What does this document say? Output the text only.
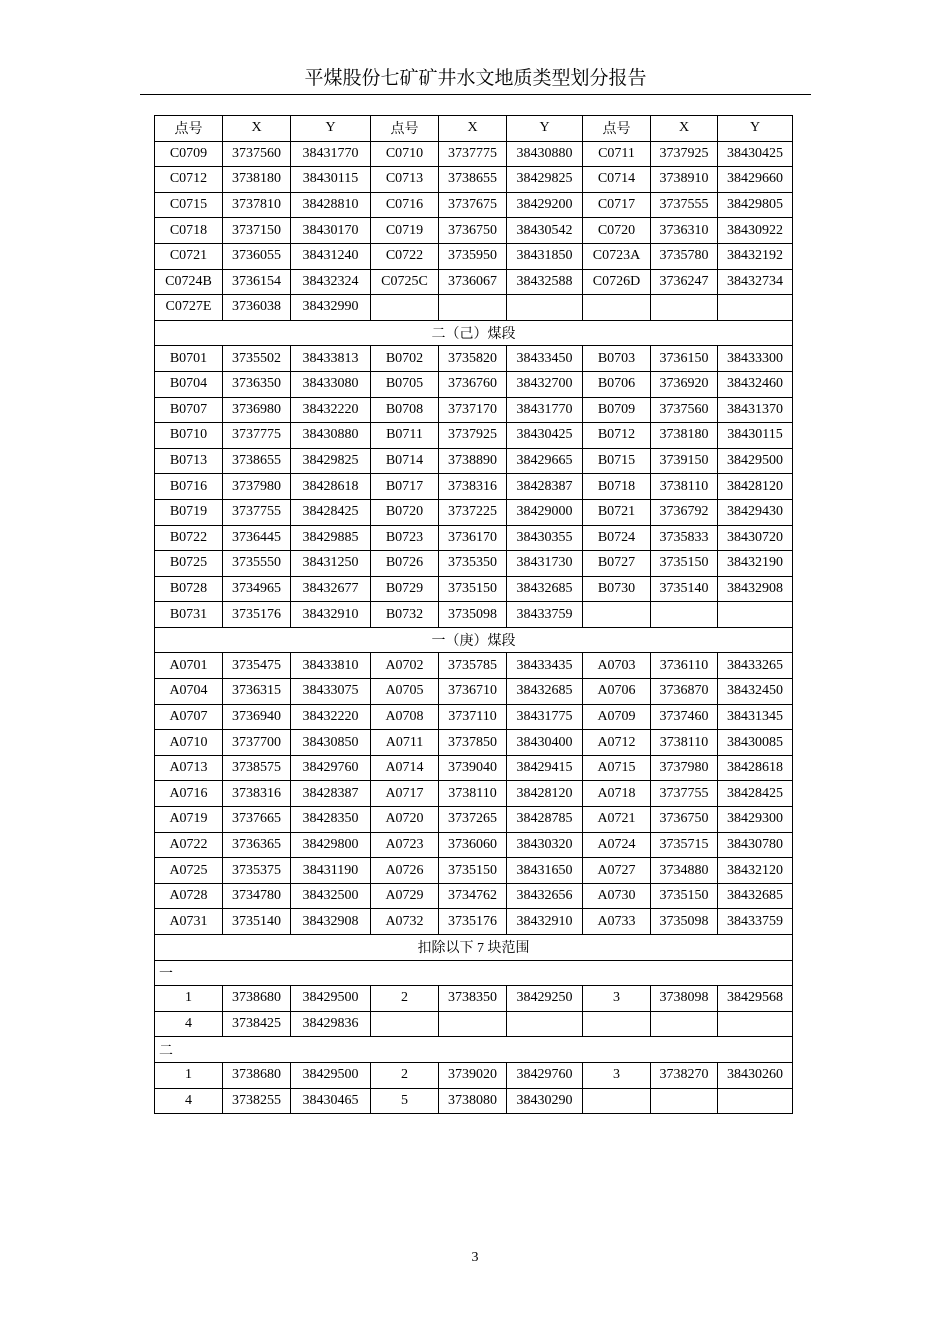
平煤股份七矿矿井水文地质类型划分报告
点号	X	Y	点号	X	Y	点号	X	Y
C0709	3737560	38431770	C0710	3737775	38430880	C0711	3737925	38430425
C0712	3738180	38430115	C0713	3738655	38429825	C0714	3738910	38429660
C0715	3737810	38428810	C0716	3737675	38429200	C0717	3737555	38429805
C0718	3737150	38430170	C0719	3736750	38430542	C0720	3736310	38430922
C0721	3736055	38431240	C0722	3735950	38431850	C0723A	3735780	38432192
C0724B	3736154	38432324	C0725C	3736067	38432588	C0726D	3736247	38432734
C0727E	3736038	38432990						
二（己）煤段								
B0701	3735502	38433813	B0702	3735820	38433450	B0703	3736150	38433300
B0704	3736350	38433080	B0705	3736760	38432700	B0706	3736920	38432460
B0707	3736980	38432220	B0708	3737170	38431770	B0709	3737560	38431370
B0710	3737775	38430880	B0711	3737925	38430425	B0712	3738180	38430115
B0713	3738655	38429825	B0714	3738890	38429665	B0715	3739150	38429500
B0716	3737980	38428618	B0717	3738316	38428387	B0718	3738110	38428120
B0719	3737755	38428425	B0720	3737225	38429000	B0721	3736792	38429430
B0722	3736445	38429885	B0723	3736170	38430355	B0724	3735833	38430720
B0725	3735550	38431250	B0726	3735350	38431730	B0727	3735150	38432190
B0728	3734965	38432677	B0729	3735150	38432685	B0730	3735140	38432908
B0731	3735176	38432910	B0732	3735098	38433759			
一（庚）煤段								
A0701	3735475	38433810	A0702	3735785	38433435	A0703	3736110	38433265
A0704	3736315	38433075	A0705	3736710	38432685	A0706	3736870	38432450
A0707	3736940	38432220	A0708	3737110	38431775	A0709	3737460	38431345
A0710	3737700	38430850	A0711	3737850	38430400	A0712	3738110	38430085
A0713	3738575	38429760	A0714	3739040	38429415	A0715	3737980	38428618
A0716	3738316	38428387	A0717	3738110	38428120	A0718	3737755	38428425
A0719	3737665	38428350	A0720	3737265	38428785	A0721	3736750	38429300
A0722	3736365	38429800	A0723	3736060	38430320	A0724	3735715	38430780
A0725	3735375	38431190	A0726	3735150	38431650	A0727	3734880	38432120
A0728	3734780	38432500	A0729	3734762	38432656	A0730	3735150	38432685
A0731	3735140	38432908	A0732	3735176	38432910	A0733	3735098	38433759
扣除以下 7 块范围								
一								
1	3738680	38429500	2	3738350	38429250	3	3738098	38429568
4	3738425	38429836						
二								
1	3738680	38429500	2	3739020	38429760	3	3738270	38430260
4	3738255	38430465	5	3738080	38430290			
3
